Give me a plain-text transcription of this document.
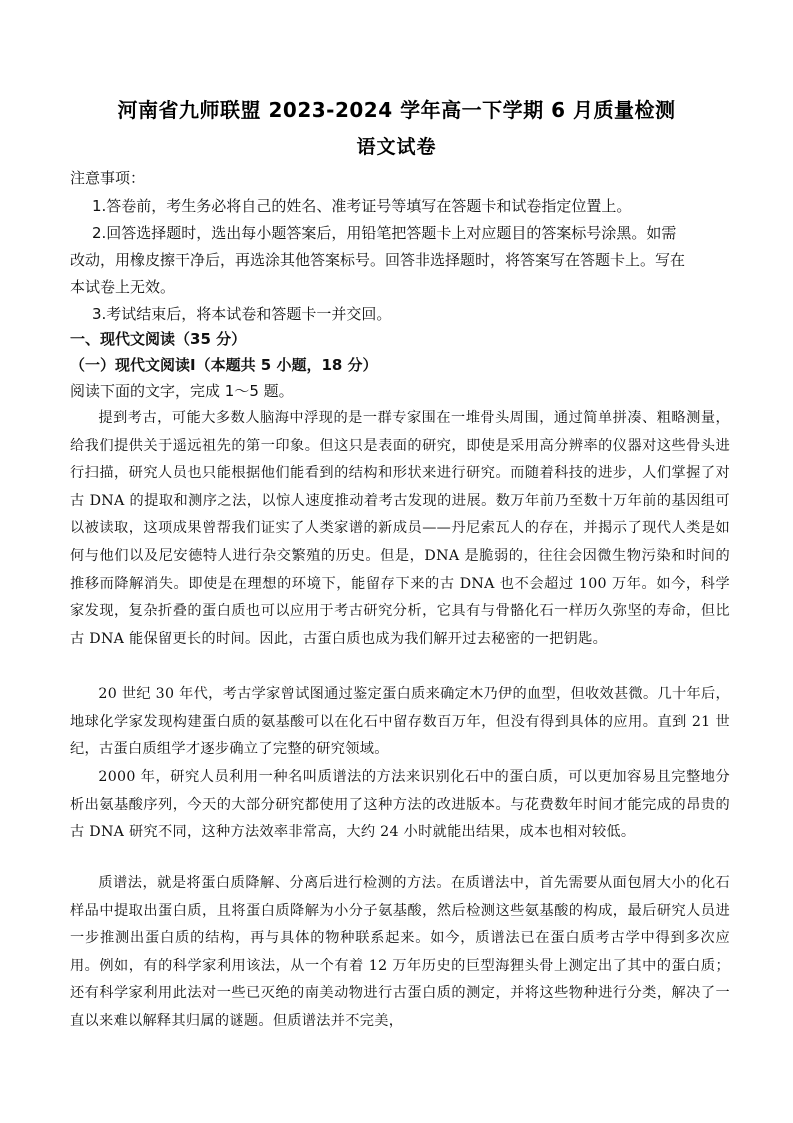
河南省九师联盟 2023-2024 学年高一下学期 6 月质量检测
语文试卷
注意事项：
1.答卷前，考生务必将自己的姓名、准考证号等填写在答题卡和试卷指定位置上。
2.回答选择题时，选出每小题答案后，用铅笔把答题卡上对应题目的答案标号涂黑。如需
改动，用橡皮擦干净后，再选涂其他答案标号。回答非选择题时，将答案写在答题卡上。写在
本试卷上无效。
3.考试结束后，将本试卷和答题卡一并交回。
一、现代文阅读（35 分）
（一）现代文阅读Ⅰ（本题共 5 小题，18 分）
阅读下面的文字，完成 1～5 题。
提到考古，可能大多数人脑海中浮现的是一群专家围在一堆骨头周围，通过简单拼凑、粗略测量，给我们提供关于遥远祖先的第一印象。但这只是表面的研究，即使是采用高分辨率的仪器对这些骨头进行扫描，研究人员也只能根据他们能看到的结构和形状来进行研究。而随着科技的进步，人们掌握了对古 DNA 的提取和测序之法，以惊人速度推动着考古发现的进展。数万年前乃至数十万年前的基因组可以被读取，这项成果曾帮我们证实了人类家谱的新成员——丹尼索瓦人的存在，并揭示了现代人类是如何与他们以及尼安德特人进行杂交繁殖的历史。但是，DNA 是脆弱的，往往会因微生物污染和时间的推移而降解消失。即使是在理想的环境下，能留存下来的古 DNA 也不会超过 100 万年。如今，科学家发现，复杂折叠的蛋白质也可以应用于考古研究分析，它具有与骨骼化石一样历久弥坚的寿命，但比古 DNA 能保留更长的时间。因此，古蛋白质也成为我们解开过去秘密的一把钥匙。
20 世纪 30 年代，考古学家曾试图通过鉴定蛋白质来确定木乃伊的血型，但收效甚微。几十年后，地球化学家发现构建蛋白质的氨基酸可以在化石中留存数百万年，但没有得到具体的应用。直到 21 世纪，古蛋白质组学才逐步确立了完整的研究领域。
2000 年，研究人员利用一种名叫质谱法的方法来识别化石中的蛋白质，可以更加容易且完整地分析出氨基酸序列，今天的大部分研究都使用了这种方法的改进版本。与花费数年时间才能完成的昂贵的古 DNA 研究不同，这种方法效率非常高，大约 24 小时就能出结果，成本也相对较低。
质谱法，就是将蛋白质降解、分离后进行检测的方法。在质谱法中，首先需要从面包屑大小的化石样品中提取出蛋白质，且将蛋白质降解为小分子氨基酸，然后检测这些氨基酸的构成，最后研究人员进一步推测出蛋白质的结构，再与具体的物种联系起来。如今，质谱法已在蛋白质考古学中得到多次应用。例如，有的科学家利用该法，从一个有着 12 万年历史的巨型海狸头骨上测定出了其中的蛋白质；还有科学家利用此法对一些已灭绝的南美动物进行古蛋白质的测定，并将这些物种进行分类，解决了一直以来难以解释其归属的谜题。但质谱法并不完美，
